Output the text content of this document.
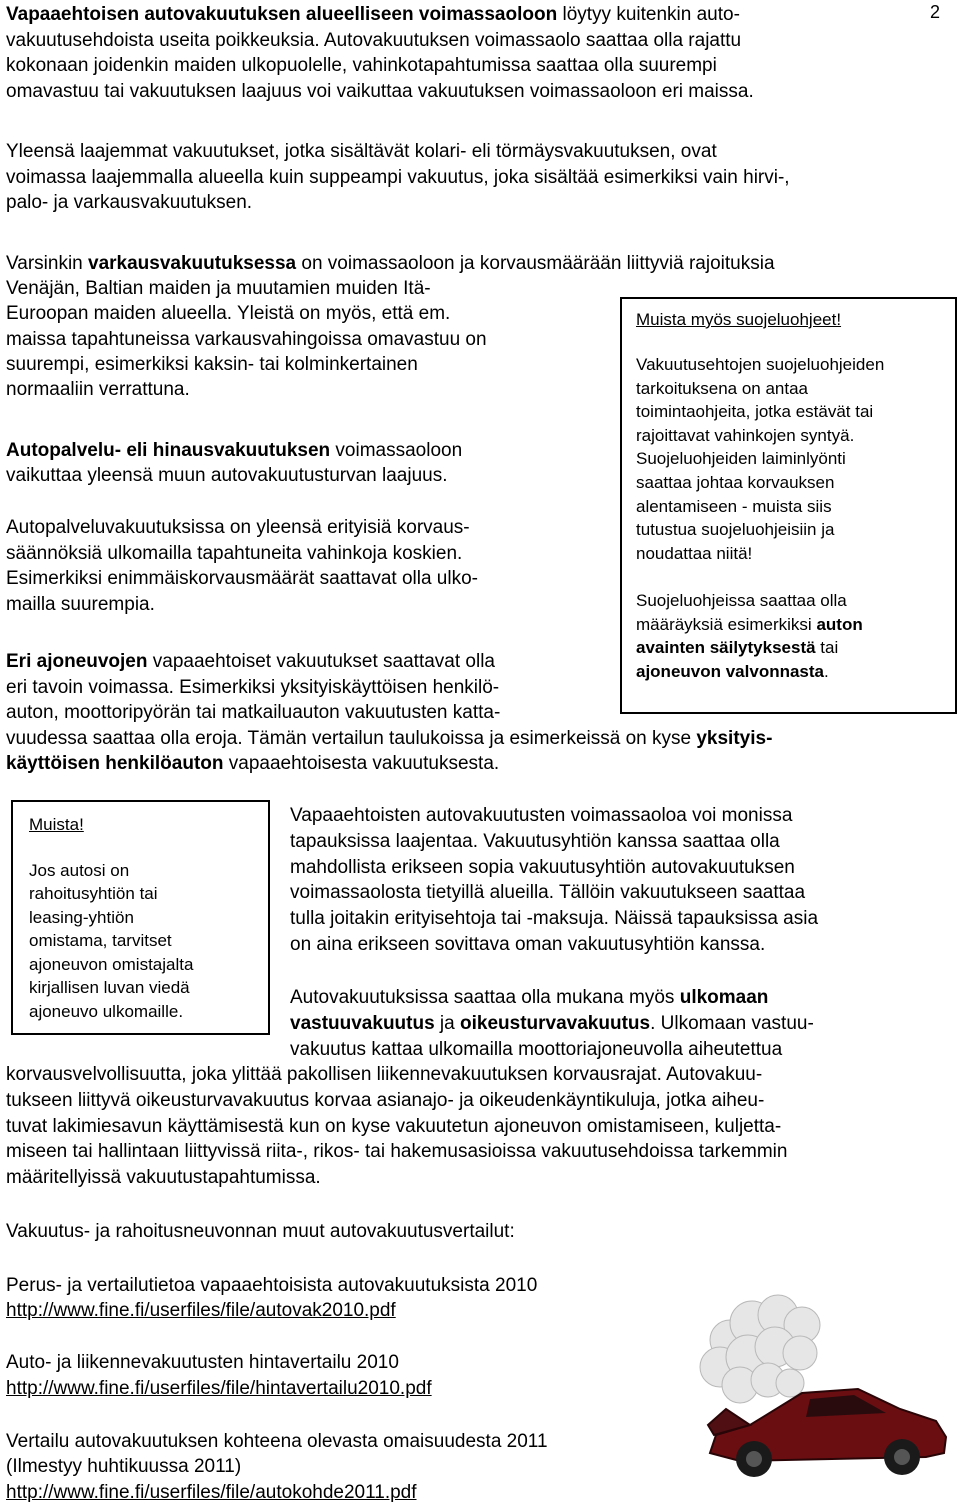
2
Vapaaehtoisen autovakuutuksen alueelliseen voimassaoloon löytyy kuitenkin auto-
vakuutusehdoista useita poikkeuksia. Autovakuutuksen voimassaolo saattaa olla rajattu
kokonaan joidenkin maiden ulkopuolelle, vahinkotapahtumissa saattaa olla suurempi
omavastuu tai vakuutuksen laajuus voi vaikuttaa vakuutuksen voimassaoloon eri maissa.
Yleensä laajemmat vakuutukset, jotka sisältävät kolari- eli törmäysvakuutuksen, ovat
voimassa laajemmalla alueella kuin suppeampi vakuutus, joka sisältää esimerkiksi vain hirvi-,
palo- ja varkausvakuutuksen.
Varsinkin varkausvakuutuksessa on voimassaoloon ja korvausmäärään liittyviä rajoituksia
Venäjän, Baltian maiden ja muutamien muiden Itä-
Euroopan maiden alueella. Yleistä on myös, että em.
maissa tapahtuneissa varkausvahingoissa omavastuu on
suurempi, esimerkiksi kaksin- tai kolminkertainen
normaaliin verrattuna.
Autopalvelu- eli hinausvakuutuksen voimassaoloon
vaikuttaa yleensä muun autovakuutusturvan laajuus.
Autopalveluvakuutuksissa on yleensä erityisiä korvaus-
säännöksiä ulkomailla tapahtuneita vahinkoja koskien.
Esimerkiksi enimmäiskorvausmäärät saattavat olla ulko-
mailla suurempia.
Eri ajoneuvojen vapaaehtoiset vakuutukset saattavat olla
eri tavoin voimassa. Esimerkiksi yksityiskäyttöisen henkilö-
auton, moottoripyörän tai matkailuauton vakuutusten katta-
vuudessa saattaa olla eroja. Tämän vertailun taulukoissa ja esimerkeissä on kyse yksityis-
käyttöisen henkilöauton vapaaehtoisesta vakuutuksesta.
Muista myös suojeluohjeet!
Vakuutusehtojen suojeluohjeiden
tarkoituksena on antaa
toimintaohjeita, jotka estävät tai
rajoittavat vahinkojen syntyä.
Suojeluohjeiden laiminlyönti
saattaa johtaa korvauksen
alentamiseen - muista siis
tutustua suojeluohjeisiin ja
noudattaa niitä!
Suojeluohjeissa saattaa olla
määräyksiä esimerkiksi auton
avainten säilytyksestä tai
ajoneuvon valvonnasta.
Muista!
Jos autosi on
rahoitusyhtiön tai
leasing-yhtiön
omistama, tarvitset
ajoneuvon omistajalta
kirjallisen luvan viedä
ajoneuvo ulkomaille.
Vapaaehtoisten autovakuutusten voimassaoloa voi monissa
tapauksissa laajentaa. Vakuutusyhtiön kanssa saattaa olla
mahdollista erikseen sopia vakuutusyhtiön autovakuutuksen
voimassaolosta tietyillä alueilla. Tällöin vakuutukseen saattaa
tulla joitakin erityisehtoja tai -maksuja. Näissä tapauksissa asia
on aina erikseen sovittava oman vakuutusyhtiön kanssa.
Autovakuutuksissa saattaa olla mukana myös ulkomaan
vastuuvakuutus ja oikeusturvavakuutus. Ulkomaan vastuu-
vakuutus kattaa ulkomailla moottoriajoneuvolla aiheutettua
korvausvelvollisuutta, joka ylittää pakollisen liikennevakuutuksen korvausrajat. Autovakuu-
tukseen liittyvä oikeusturvavakuutus korvaa asianajo- ja oikeudenkäyntikuluja, jotka aiheu-
tuvat lakimiesavun käyttämisestä kun on kyse vakuutetun ajoneuvon omistamiseen, kuljetta-
miseen tai hallintaan liittyvissä riita-, rikos- tai hakemusasioissa vakuutusehdoissa tarkemmin
määritellyissä vakuutustapahtumissa.
Vakuutus- ja rahoitusneuvonnan muut autovakuutusvertailut:
Perus- ja vertailutietoa vapaaehtoisista autovakuutuksista 2010
http://www.fine.fi/userfiles/file/autovak2010.pdf
Auto- ja liikennevakuutusten hintavertailu 2010
http://www.fine.fi/userfiles/file/hintavertailu2010.pdf
Vertailu autovakuutuksen kohteena olevasta omaisuudesta 2011
(Ilmestyy huhtikuussa 2011)
http://www.fine.fi/userfiles/file/autokohde2011.pdf
